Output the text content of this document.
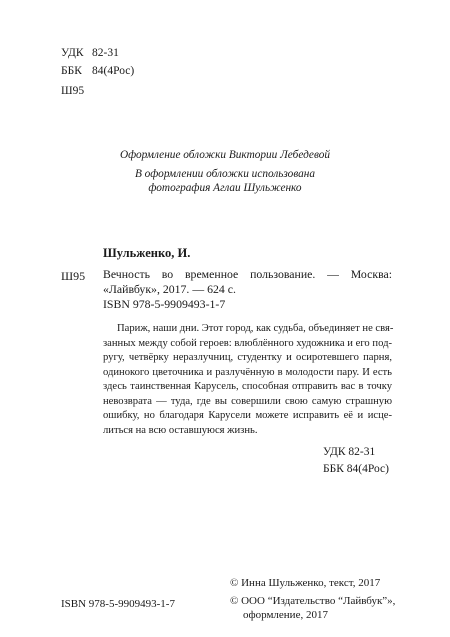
УДК 82-31
ББК 84(4Рос)
Ш95
Оформление обложки Виктории Лебедевой
В оформлении обложки использована
фотография Аглаи Шульженко
Шульженко, И.
Ш95 Вечность во временное пользование. — Москва:
«Лайвбук», 2017. — 624 с.
ISBN 978-5-9909493-1-7
Париж, наши дни. Этот город, как судьба, объединяет не свя-
занных между собой героев: влюблённого художника и его под-
ругу, четвёрку неразлучниц, студентку и осиротевшего парня,
одинокого цветочника и разлучённую в молодости пару. И есть
здесь таинственная Карусель, способная отправить вас в точку
невозврата — туда, где вы совершили свою самую страшную
ошибку, но благодаря Карусели можете исправить её и исце-
литься на всю оставшуюся жизнь.
УДК 82-31
ББК 84(4Рос)
ISBN 978-5-9909493-1-7
© Инна Шульженко, текст, 2017
© ООО “Издательство “Лайвбук”»,
оформление, 2017
